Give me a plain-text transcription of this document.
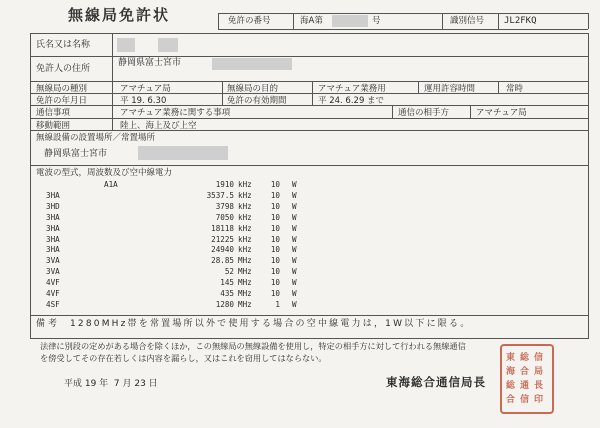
無線局免許状	免許の番号	海A第	号	識別信号 JL2FKQ
氏名又は名称
免許人の住所
静岡県富士宮市
無線局の種別	アマチュア局	無線局の目的	アマチュア業務用	運用許容時間	常時
免許の年月日	平 19. 6.30	免許の有効期間	平 24. 6.29 まで
通信事項	アマチュア業務に関する事項	通信の相手方	アマチュア局
移動範囲	陸上、海上及び上空
無線設備の設置場所／常置場所
静岡県富士宮市
電波の型式，周波数及び空中線電力
A1A	1910 kHz	10 W
3HA	3537.5 kHz	10 W
3HD	3798 kHz	10 W
3HA	7050 kHz	10 W
3HA	18118 kHz	10 W
3HA	21225 kHz	10 W
3HA	24940 kHz	10 W
3VA	28.85 MHz	10 W
3VA	52 MHz	10 W
4VF	145 MHz	10 W
4VF	435 MHz	10 W
4SF	1280 MHz	1 W
備考 1280MHz帯を常置場所以外で使用する場合の空中線電力は，1W以下に限る。
法律に別段の定めがある場合を除くほか，この無線局の無線設備を使用し，特定の相手方に対して行われる無線通信
を傍受してその存在若しくは内容を漏らし，又はこれを窃用してはならない。
平成 19 年  7 月 23 日	東海総合通信局長
東 総 信
海 合 局
総 通 長
合 信 印
